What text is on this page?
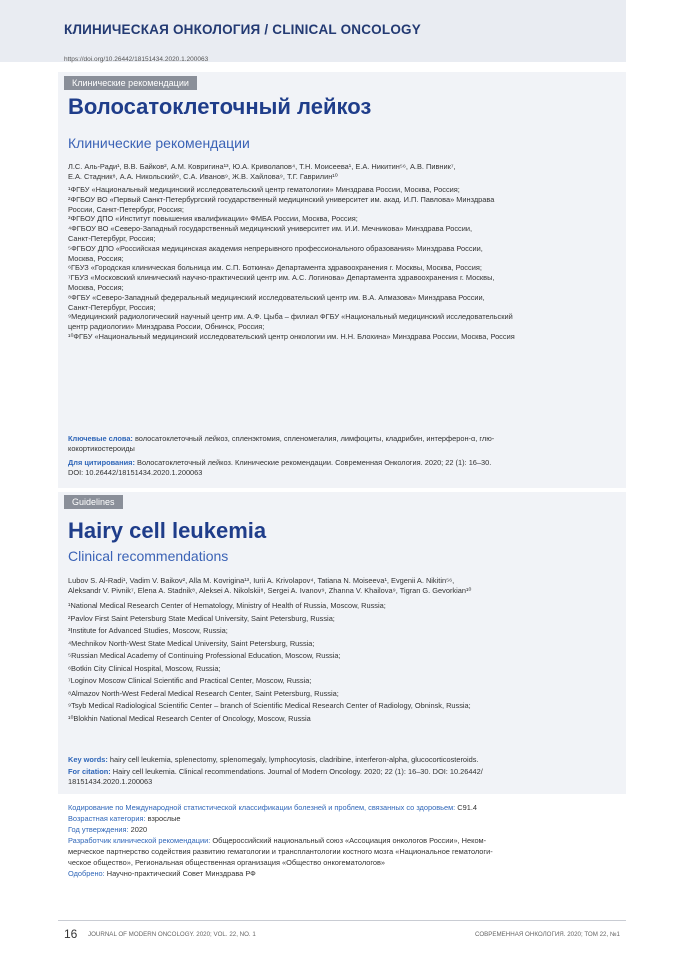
КЛИНИЧЕСКАЯ ОНКОЛОГИЯ / CLINICAL ONCOLOGY
https://doi.org/10.26442/18151434.2020.1.200063
Клинические рекомендации
Волосатоклеточный лейкоз
Клинические рекомендации
Л.С. Аль-Ради¹, В.В. Байков², А.М. Ковригина¹³, Ю.А. Криволапов⁴, Т.Н. Моисеева¹, Е.А. Никитин⁵⁶, А.В. Пивник⁷,
Е.А. Стадник⁸, А.А. Никольский⁸, С.А. Иванов⁹, Ж.В. Хайлова⁹, Т.Г. Гаврилин¹⁰
¹ФГБУ «Национальный медицинский исследовательский центр гематологии» Минздрава России, Москва, Россия;
²ФГБОУ ВО «Первый Санкт-Петербургский государственный медицинский университет им. акад. И.П. Павлова» Минздрава
России, Санкт-Петербург, Россия;
³ФГБОУ ДПО «Институт повышения квалификации» ФМБА России, Москва, Россия;
⁴ФГБОУ ВО «Северо-Западный государственный медицинский университет им. И.И. Мечникова» Минздрава России,
Санкт-Петербург, Россия;
⁵ФГБОУ ДПО «Российская медицинская академия непрерывного профессионального образования» Минздрава России,
Москва, Россия;
⁶ГБУЗ «Городская клиническая больница им. С.П. Боткина» Департамента здравоохранения г. Москвы, Москва, Россия;
⁷ГБУЗ «Московский клинический научно-практический центр им. А.С. Логинова» Департамента здравоохранения г. Москвы,
Москва, Россия;
⁸ФГБУ «Северо-Западный федеральный медицинский исследовательский центр им. В.А. Алмазова» Минздрава России,
Санкт-Петербург, Россия;
⁹Медицинский радиологический научный центр им. А.Ф. Цыба – филиал ФГБУ «Национальный медицинский исследовательский
центр радиологии» Минздрава России, Обнинск, Россия;
¹⁰ФГБУ «Национальный медицинский исследовательский центр онкологии им. Н.Н. Блохина» Минздрава России, Москва, Россия
Ключевые слова: волосатоклеточный лейкоз, спленэктомия, спленомегалия, лимфоциты, кладрибин, интерферон-α, глю-
кокортикостероиды
Для цитирования: Волосатоклеточный лейкоз. Клинические рекомендации. Современная Онкология. 2020; 22 (1): 16–30.
DOI: 10.26442/18151434.2020.1.200063
Guidelines
Hairy cell leukemia
Clinical recommendations
Lubov S. Al-Radi¹, Vadim V. Baikov², Alla M. Kovrigina¹³, Iurii A. Krivolapov⁴, Tatiana N. Moiseeva¹, Evgenii A. Nikitin⁵⁶,
Aleksandr V. Pivnik⁷, Elena A. Stadnik⁸, Aleksei A. Nikolskii⁸, Sergei A. Ivanov⁹, Zhanna V. Khailova⁹, Tigran G. Gevorkian¹⁰
¹National Medical Research Center of Hematology, Ministry of Health of Russia, Moscow, Russia;
²Pavlov First Saint Petersburg State Medical University, Saint Petersburg, Russia;
³Institute for Advanced Studies, Moscow, Russia;
⁴Mechnikov North-West State Medical University, Saint Petersburg, Russia;
⁵Russian Medical Academy of Continuing Professional Education, Moscow, Russia;
⁶Botkin City Clinical Hospital, Moscow, Russia;
⁷Loginov Moscow Clinical Scientific and Practical Center, Moscow, Russia;
⁸Almazov North-West Federal Medical Research Center, Saint Petersburg, Russia;
⁹Tsyb Medical Radiological Scientific Center – branch of Scientific Medical Research Center of Radiology, Obninsk, Russia;
¹⁰Blokhin National Medical Research Center of Oncology, Moscow, Russia
Key words: hairy cell leukemia, splenectomy, splenomegaly, lymphocytosis, cladribine, interferon-alpha, glucocorticosteroids.
For citation: Hairy cell leukemia. Clinical recommendations. Journal of Modern Oncology. 2020; 22 (1): 16–30. DOI: 10.26442/
18151434.2020.1.200063
Кодирование по Международной статистической классификации болезней и проблем, связанных со здоровьем: C91.4
Возрастная категория: взрослые
Год утверждения: 2020
Разработчик клинической рекомендации: Общероссийский национальный союз «Ассоциация онкологов России», Неком-
мерческое партнерство содействия развитию гематологии и трансплантологии костного мозга «Национальное гематологи-
ческое общество», Региональная общественная организация «Общество онкогематологов»
Одобрено: Научно-практический Совет Минздрава РФ
16 JOURNAL OF MODERN ONCOLOGY. 2020; VOL. 22, NO. 1	СОВРЕМЕННАЯ ОНКОЛОГИЯ. 2020; ТОМ 22, №1
